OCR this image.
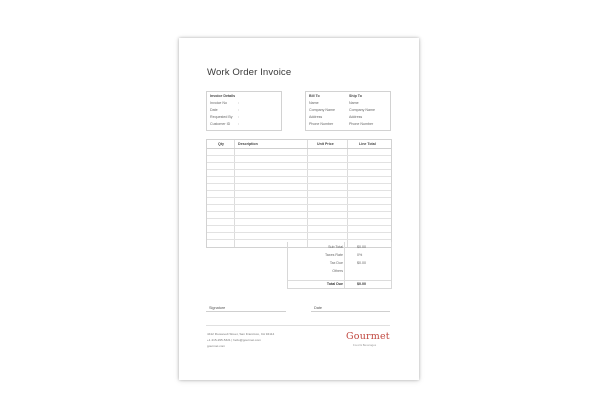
Work Order Invoice
Invoice Details
Invoice No	:
Date	:
Requested By :
Customer ID :
Bill To
Name
Company Name
Address
Phone Number
Ship To
Name
Company Name
Address
Phone Number
Qty	Description	Unit Price	Line Total
Sub Total	$0.00
Taxes Rate	0%
Tax Due	$0.00
Others
Total Due	$0.00
Signature	Date
4412 Roosevelt Street, San Francisco, CA 94114
+1 415-295-5321 | hello@gourmet.com
gourmet.com
Gourmet
Food & Beverages
